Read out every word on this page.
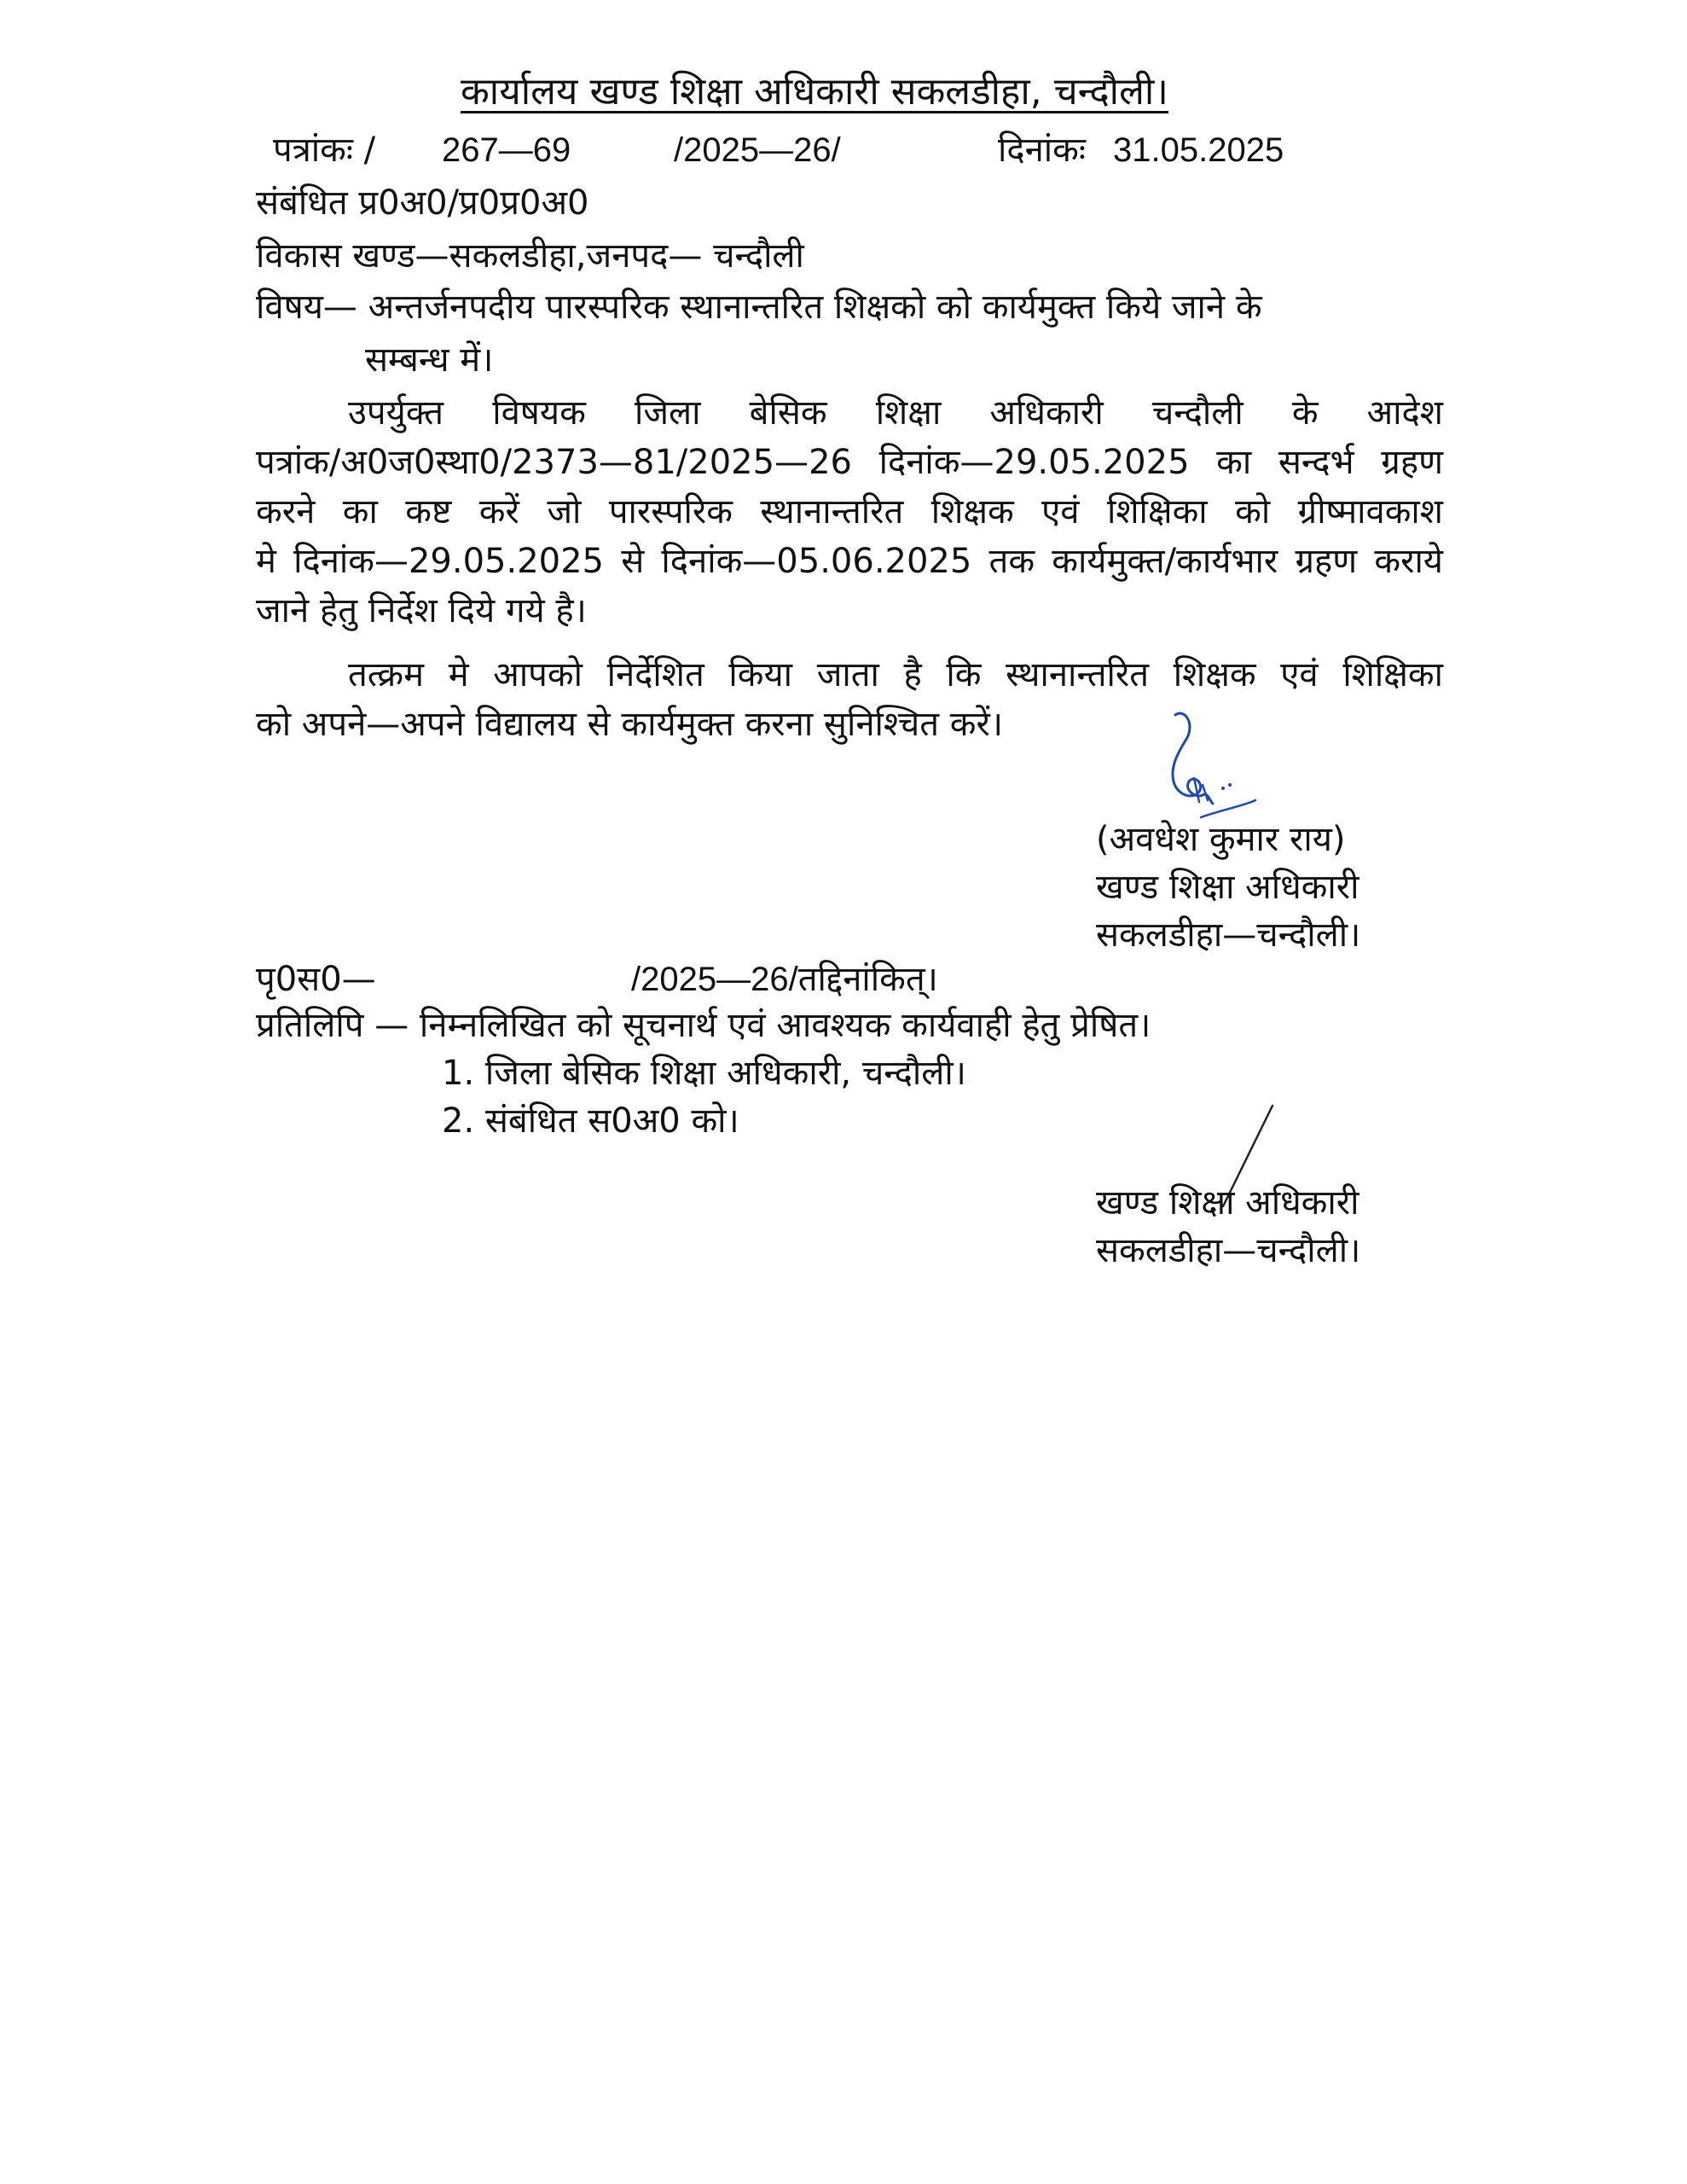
कार्यालय खण्ड शिक्षा अधिकारी सकलडीहा, चन्दौली।
पत्रांकः / 267—69	/2025—26/	दिनांकः 31.05.2025
संबंधित प्र0अ0/प्र0प्र0अ0
विकास खण्ड—सकलडीहा,जनपद— चन्दौली
विषय— अन्तर्जनपदीय पारस्परिक स्थानान्तरित शिक्षको को कार्यमुक्त किये जाने के
सम्बन्ध में।
उपर्युक्त विषयक जिला बेसिक शिक्षा अधिकारी चन्दौली के आदेश
पत्रांक/अ0ज0स्था0/2373—81/2025—26 दिनांक—29.05.2025 का सन्दर्भ ग्रहण
करने का कष्ट करें जो पारस्परिक स्थानान्तरित शिक्षक एवं शिक्षिका को ग्रीष्मावकाश
मे दिनांक—29.05.2025 से दिनांक—05.06.2025 तक कार्यमुक्त/कार्यभार ग्रहण कराये
जाने हेतु निर्देश दिये गये है।
तत्क्रम मे आपको निर्देशित किया जाता है कि स्थानान्तरित शिक्षक एवं शिक्षिका
को अपने—अपने विद्यालय से कार्यमुक्त करना सुनिश्चित करें।
(अवधेश कुमार राय)
खण्ड शिक्षा अधिकारी
सकलडीहा—चन्दौली।
पृ0स0—	/2025—26/तद्दिनांकित्।
प्रतिलिपि — निम्नलिखित को सूचनार्थ एवं आवश्यक कार्यवाही हेतु प्रेषित।
1. जिला बेसिक शिक्षा अधिकारी, चन्दौली।
2. संबंधित स0अ0 को।
खण्ड शिक्षा अधिकारी
सकलडीहा—चन्दौली।
